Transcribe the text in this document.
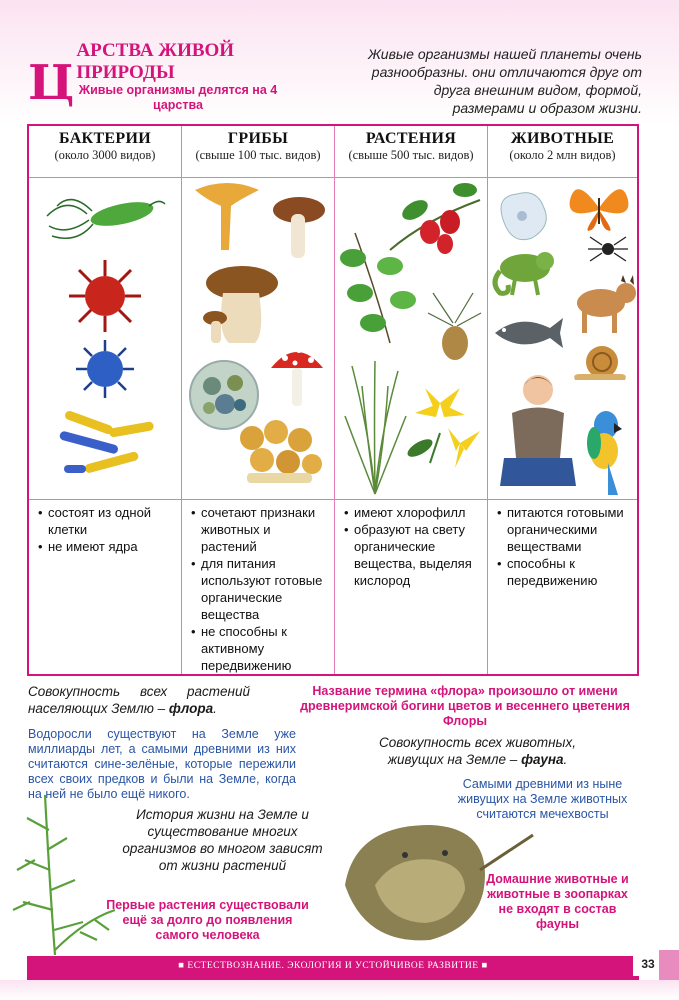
Ц
АРСТВА ЖИВОЙ ПРИРОДЫ
Живые организмы делятся на 4 царства
Живые организмы нашей планеты очень разнообразны. они отличаются друг от друга внешним видом, формой, размерами и образом жизни.
БАКТЕРИИ
(около 3000 видов)
• состоят из одной клетки
• не имеют ядра
ГРИБЫ
(свыше 100 тыс. видов)
• сочетают признаки животных и растений
• для питания используют готовые органические вещества
• не способны к активному передвижению
РАСТЕНИЯ
(свыше 500 тыс. видов)
• имеют хлорофилл
• образуют на свету органические вещества, выделяя кислород
ЖИВОТНЫЕ
(около 2 млн видов)
• питаются готовыми органическими веществами
• способны к передвижению
Совокупность всех растений населяющих Землю – флора.
Название термина «флора» произошло от имени древнеримской богини цветов и весеннего цветения Флоры
Водоросли существуют на Земле уже миллиарды лет, а самыми древними из них считаются сине-зелёные, которые пережили всех своих предков и были на Земле, когда на ней не было ещё никого.
Совокупность всех животных, живущих на Земле – фауна.
Самыми древними из ныне живущих на Земле животных считаются мечехвосты
История жизни на Земле и существование многих организмов во многом зависят от жизни растений
Первые растения существовали ещё за долго до появления самого человека
Домашние животные и животные в зоопарках не входят в состав фауны
■ ЕСТЕСТВОЗНАНИЕ. ЭКОЛОГИЯ И УСТОЙЧИВОЕ РАЗВИТИЕ ■	33
